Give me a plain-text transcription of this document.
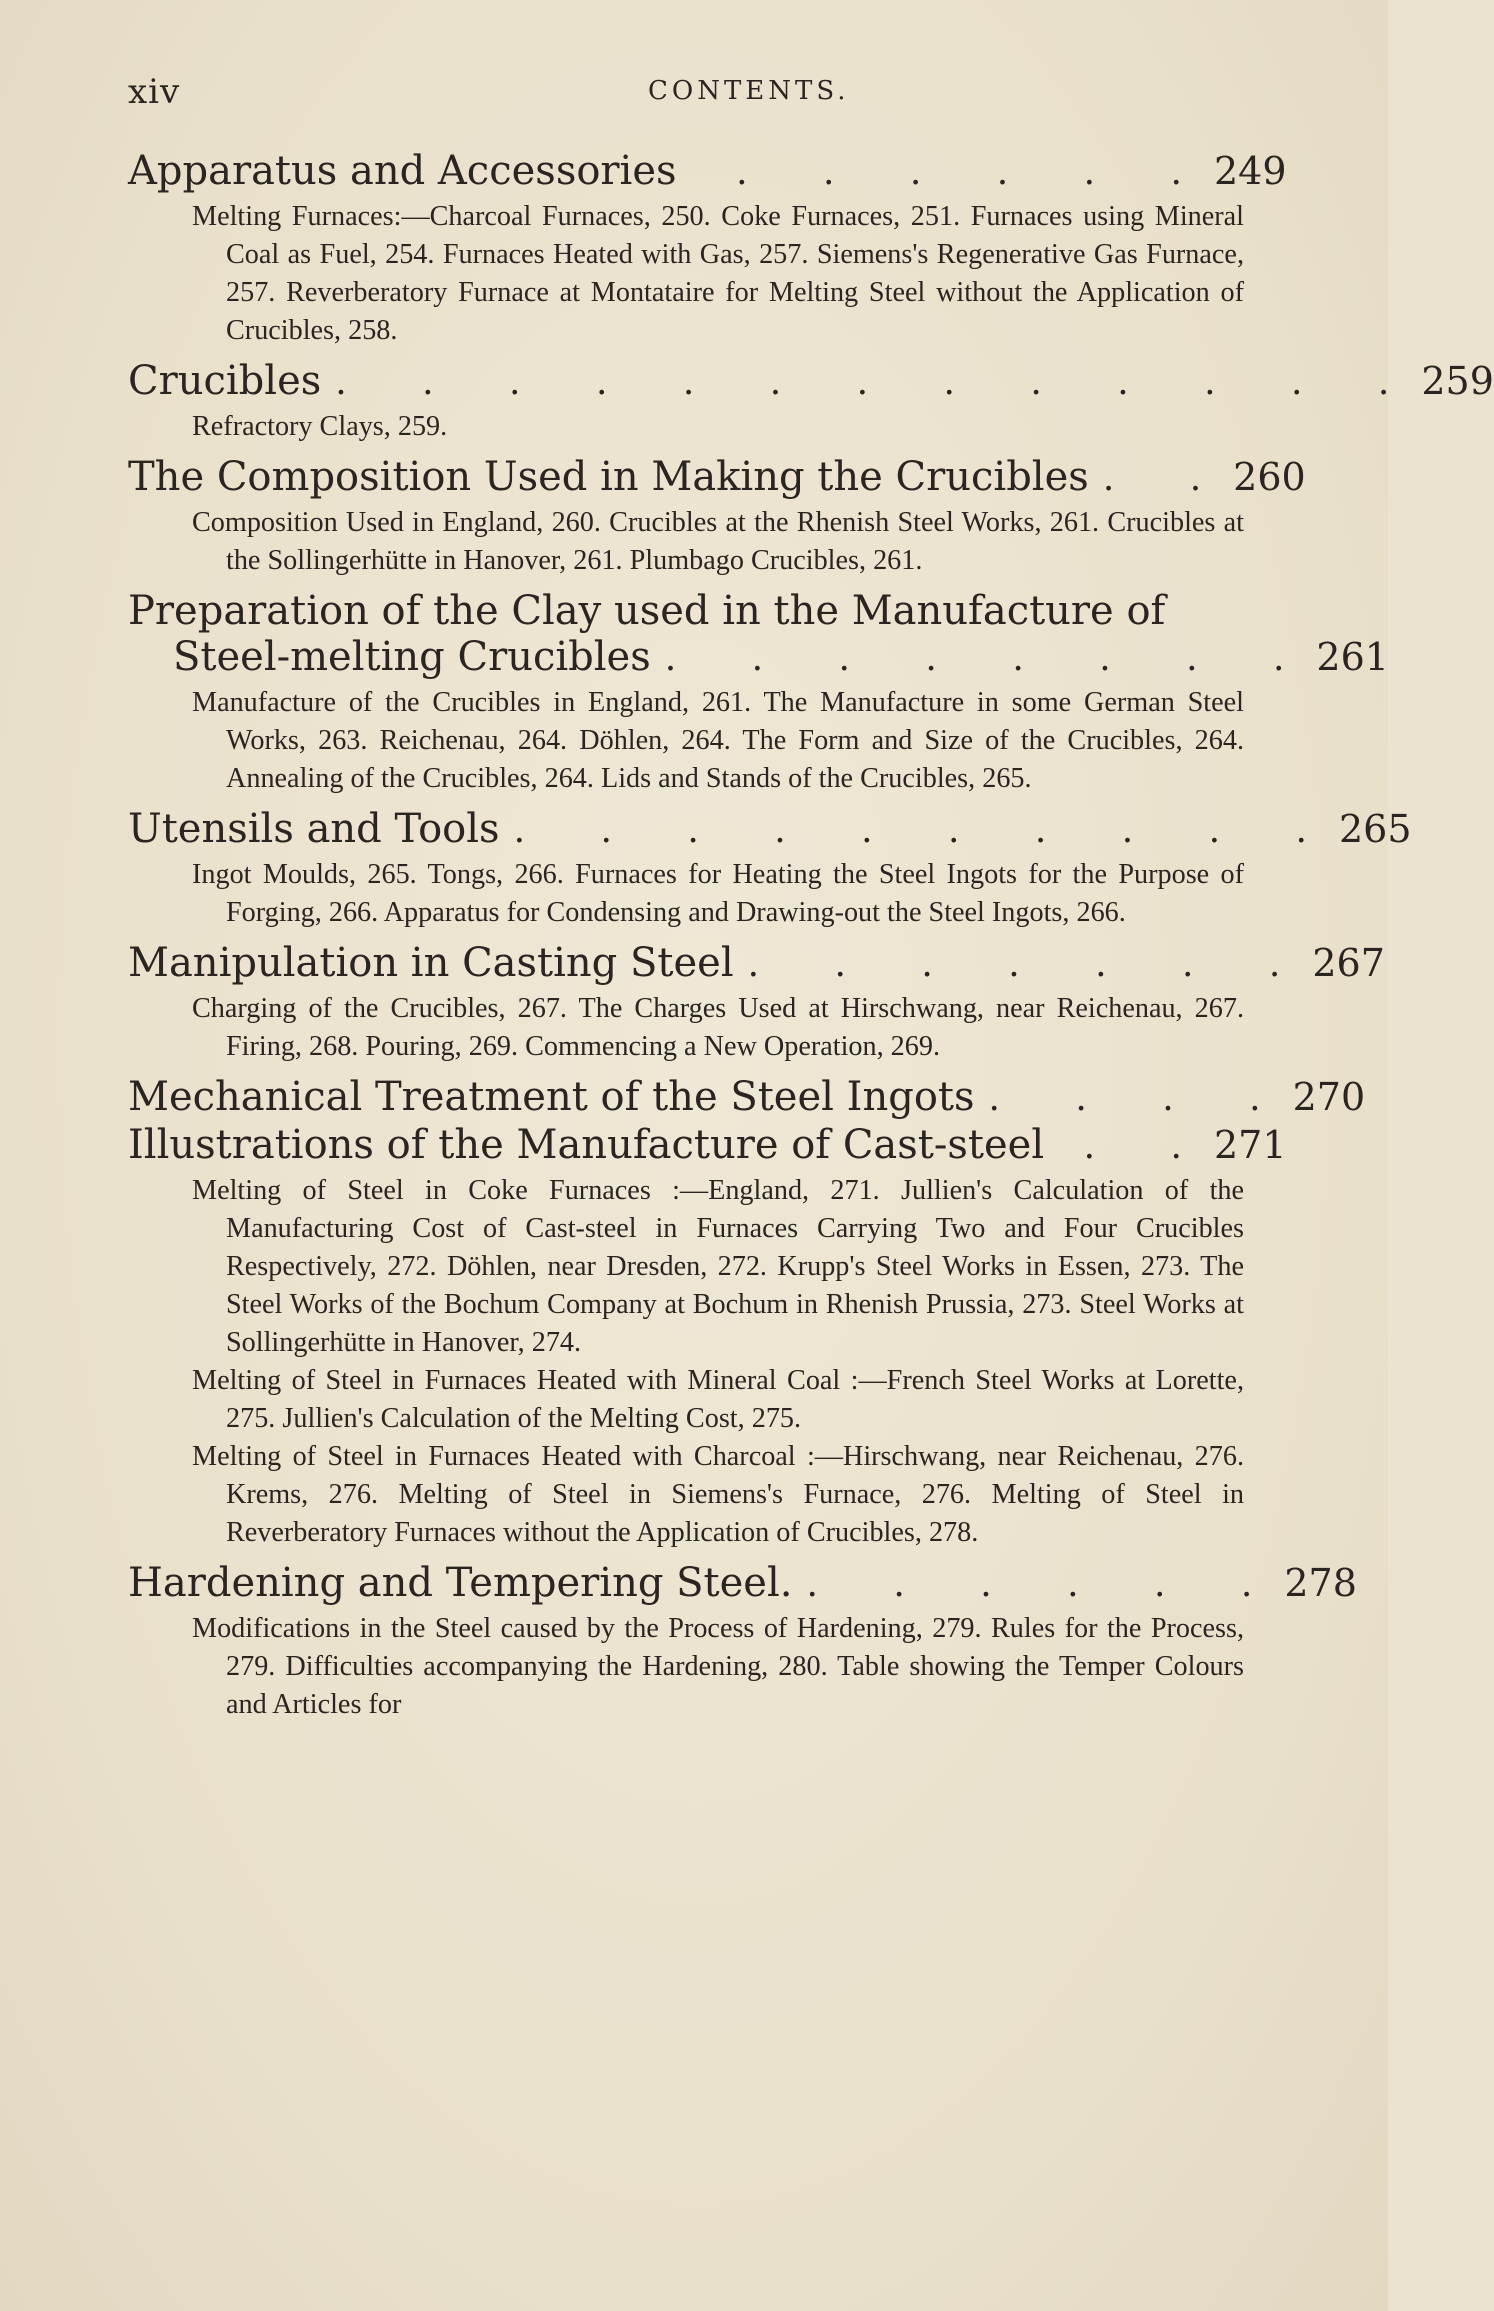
xiv	CONTENTS.
Apparatus and Accessories	. . . . . . 249
Melting Furnaces:—Charcoal Furnaces, 250. Coke Furnaces, 251. Furnaces using Mineral Coal as Fuel, 254. Furnaces Heated with Gas, 257. Siemens's Regenerative Gas Furnace, 257. Reverberatory Furnace at Montataire for Melting Steel without the Application of Crucibles, 258.
Crucibles . . . . . . . . . . . . . 259
Refractory Clays, 259.
The Composition Used in Making the Crucibles . . 260
Composition Used in England, 260. Crucibles at the Rhenish Steel Works, 261. Crucibles at the Sollingerhütte in Hanover, 261. Plumbago Crucibles, 261.
Preparation of the Clay used in the Manufacture of
Steel-melting Crucibles . . . . . . . . 261
Manufacture of the Crucibles in England, 261. The Manufacture in some German Steel Works, 263. Reichenau, 264. Döhlen, 264. The Form and Size of the Crucibles, 264. Annealing of the Crucibles, 264. Lids and Stands of the Crucibles, 265.
Utensils and Tools . . . . . . . . . . 265
Ingot Moulds, 265. Tongs, 266. Furnaces for Heating the Steel Ingots for the Purpose of Forging, 266. Apparatus for Condensing and Drawing-out the Steel Ingots, 266.
Manipulation in Casting Steel . . . . . . . 267
Charging of the Crucibles, 267. The Charges Used at Hirschwang, near Reichenau, 267. Firing, 268. Pouring, 269. Commencing a New Operation, 269.
Mechanical Treatment of the Steel Ingots . . . . 270
Illustrations of the Manufacture of Cast-steel	. . 271
Melting of Steel in Coke Furnaces :—England, 271. Jullien's Calculation of the Manufacturing Cost of Cast-steel in Furnaces Carrying Two and Four Crucibles Respectively, 272. Döhlen, near Dresden, 272. Krupp's Steel Works in Essen, 273. The Steel Works of the Bochum Company at Bochum in Rhenish Prussia, 273. Steel Works at Sollingerhütte in Hanover, 274.
Melting of Steel in Furnaces Heated with Mineral Coal :—French Steel Works at Lorette, 275. Jullien's Calculation of the Melting Cost, 275.
Melting of Steel in Furnaces Heated with Charcoal :—Hirschwang, near Reichenau, 276. Krems, 276. Melting of Steel in Siemens's Furnace, 276. Melting of Steel in Reverberatory Furnaces without the Application of Crucibles, 278.
Hardening and Tempering Steel. . . . . . . 278
Modifications in the Steel caused by the Process of Hardening, 279. Rules for the Process, 279. Difficulties accompanying the Hardening, 280. Table showing the Temper Colours and Articles for
